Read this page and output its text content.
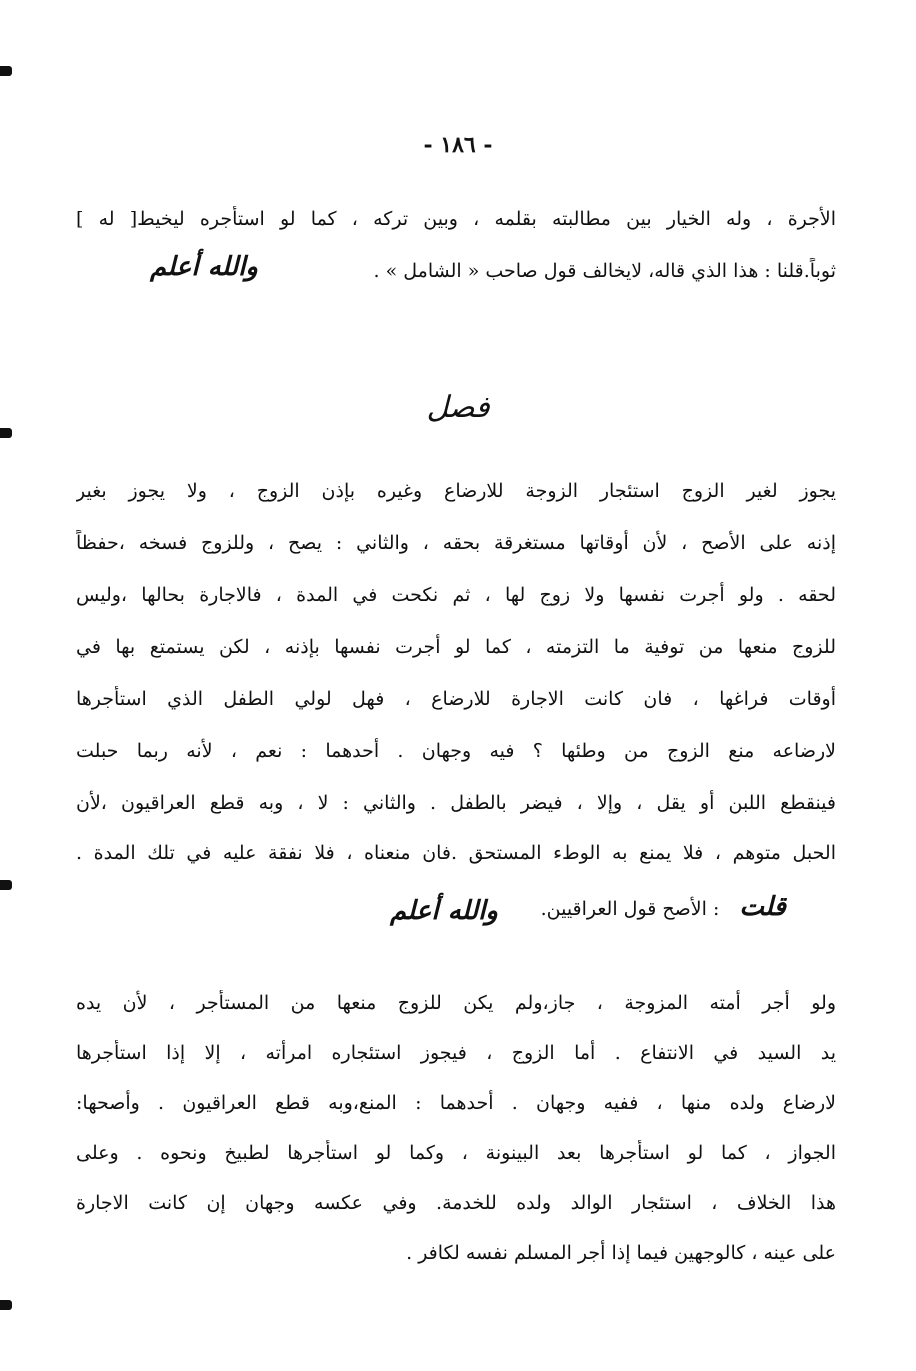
- ١٨٦ -
الأجرة ، وله الخيار بين مطالبته بقلمه ، وبين تركه ، كما لو استأجره ليخيط[ له ]
ثوباً.قلنا : هذا الذي قاله، لايخالف قول صاحب « الشامل » .
والله أعلم
فصل
يجوز لغير الزوج استئجار الزوجة للارضاع وغيره بإذن الزوج ، ولا يجوز بغير
إذنه على الأصح ، لأن أوقاتها مستغرقة بحقه ، والثاني : يصح ، وللزوج فسخه ،حفظاً
لحقه . ولو أجرت نفسها ولا زوج لها ، ثم نكحت في المدة ، فالاجارة بحالها ،وليس
للزوج منعها من توفية ما التزمته ، كما لو أجرت نفسها بإذنه ، لكن يستمتع بها في
أوقات فراغها ، فان كانت الاجارة للارضاع ، فهل لولي الطفل الذي استأجرها
لارضاعه منع الزوج من وطئها ؟ فيه وجهان . أحدهما : نعم ، لأنه ربما حبلت
فينقطع اللبن أو يقل ، وإلا ، فيضر بالطفل . والثاني : لا ، وبه قطع العراقيون ،لأن
الحبل متوهم ، فلا يمنع به الوطء المستحق .فان منعناه ، فلا نفقة عليه في تلك المدة .
قلت : الأصح قول العراقيين.
والله أعلم
ولو أجر أمته المزوجة ، جاز،ولم يكن للزوج منعها من المستأجر ، لأن يده
يد السيد في الانتفاع . أما الزوج ، فيجوز استئجاره امرأته ، إلا إذا استأجرها
لارضاع ولده منها ، ففيه وجهان . أحدهما : المنع،وبه قطع العراقيون . وأصحها:
الجواز ، كما لو استأجرها بعد البينونة ، وكما لو استأجرها لطبيخ ونحوه . وعلى
هذا الخلاف ، استئجار الوالد ولده للخدمة. وفي عكسه وجهان إن كانت الاجارة
على عينه ، كالوجهين فيما إذا أجر المسلم نفسه لكافر .
